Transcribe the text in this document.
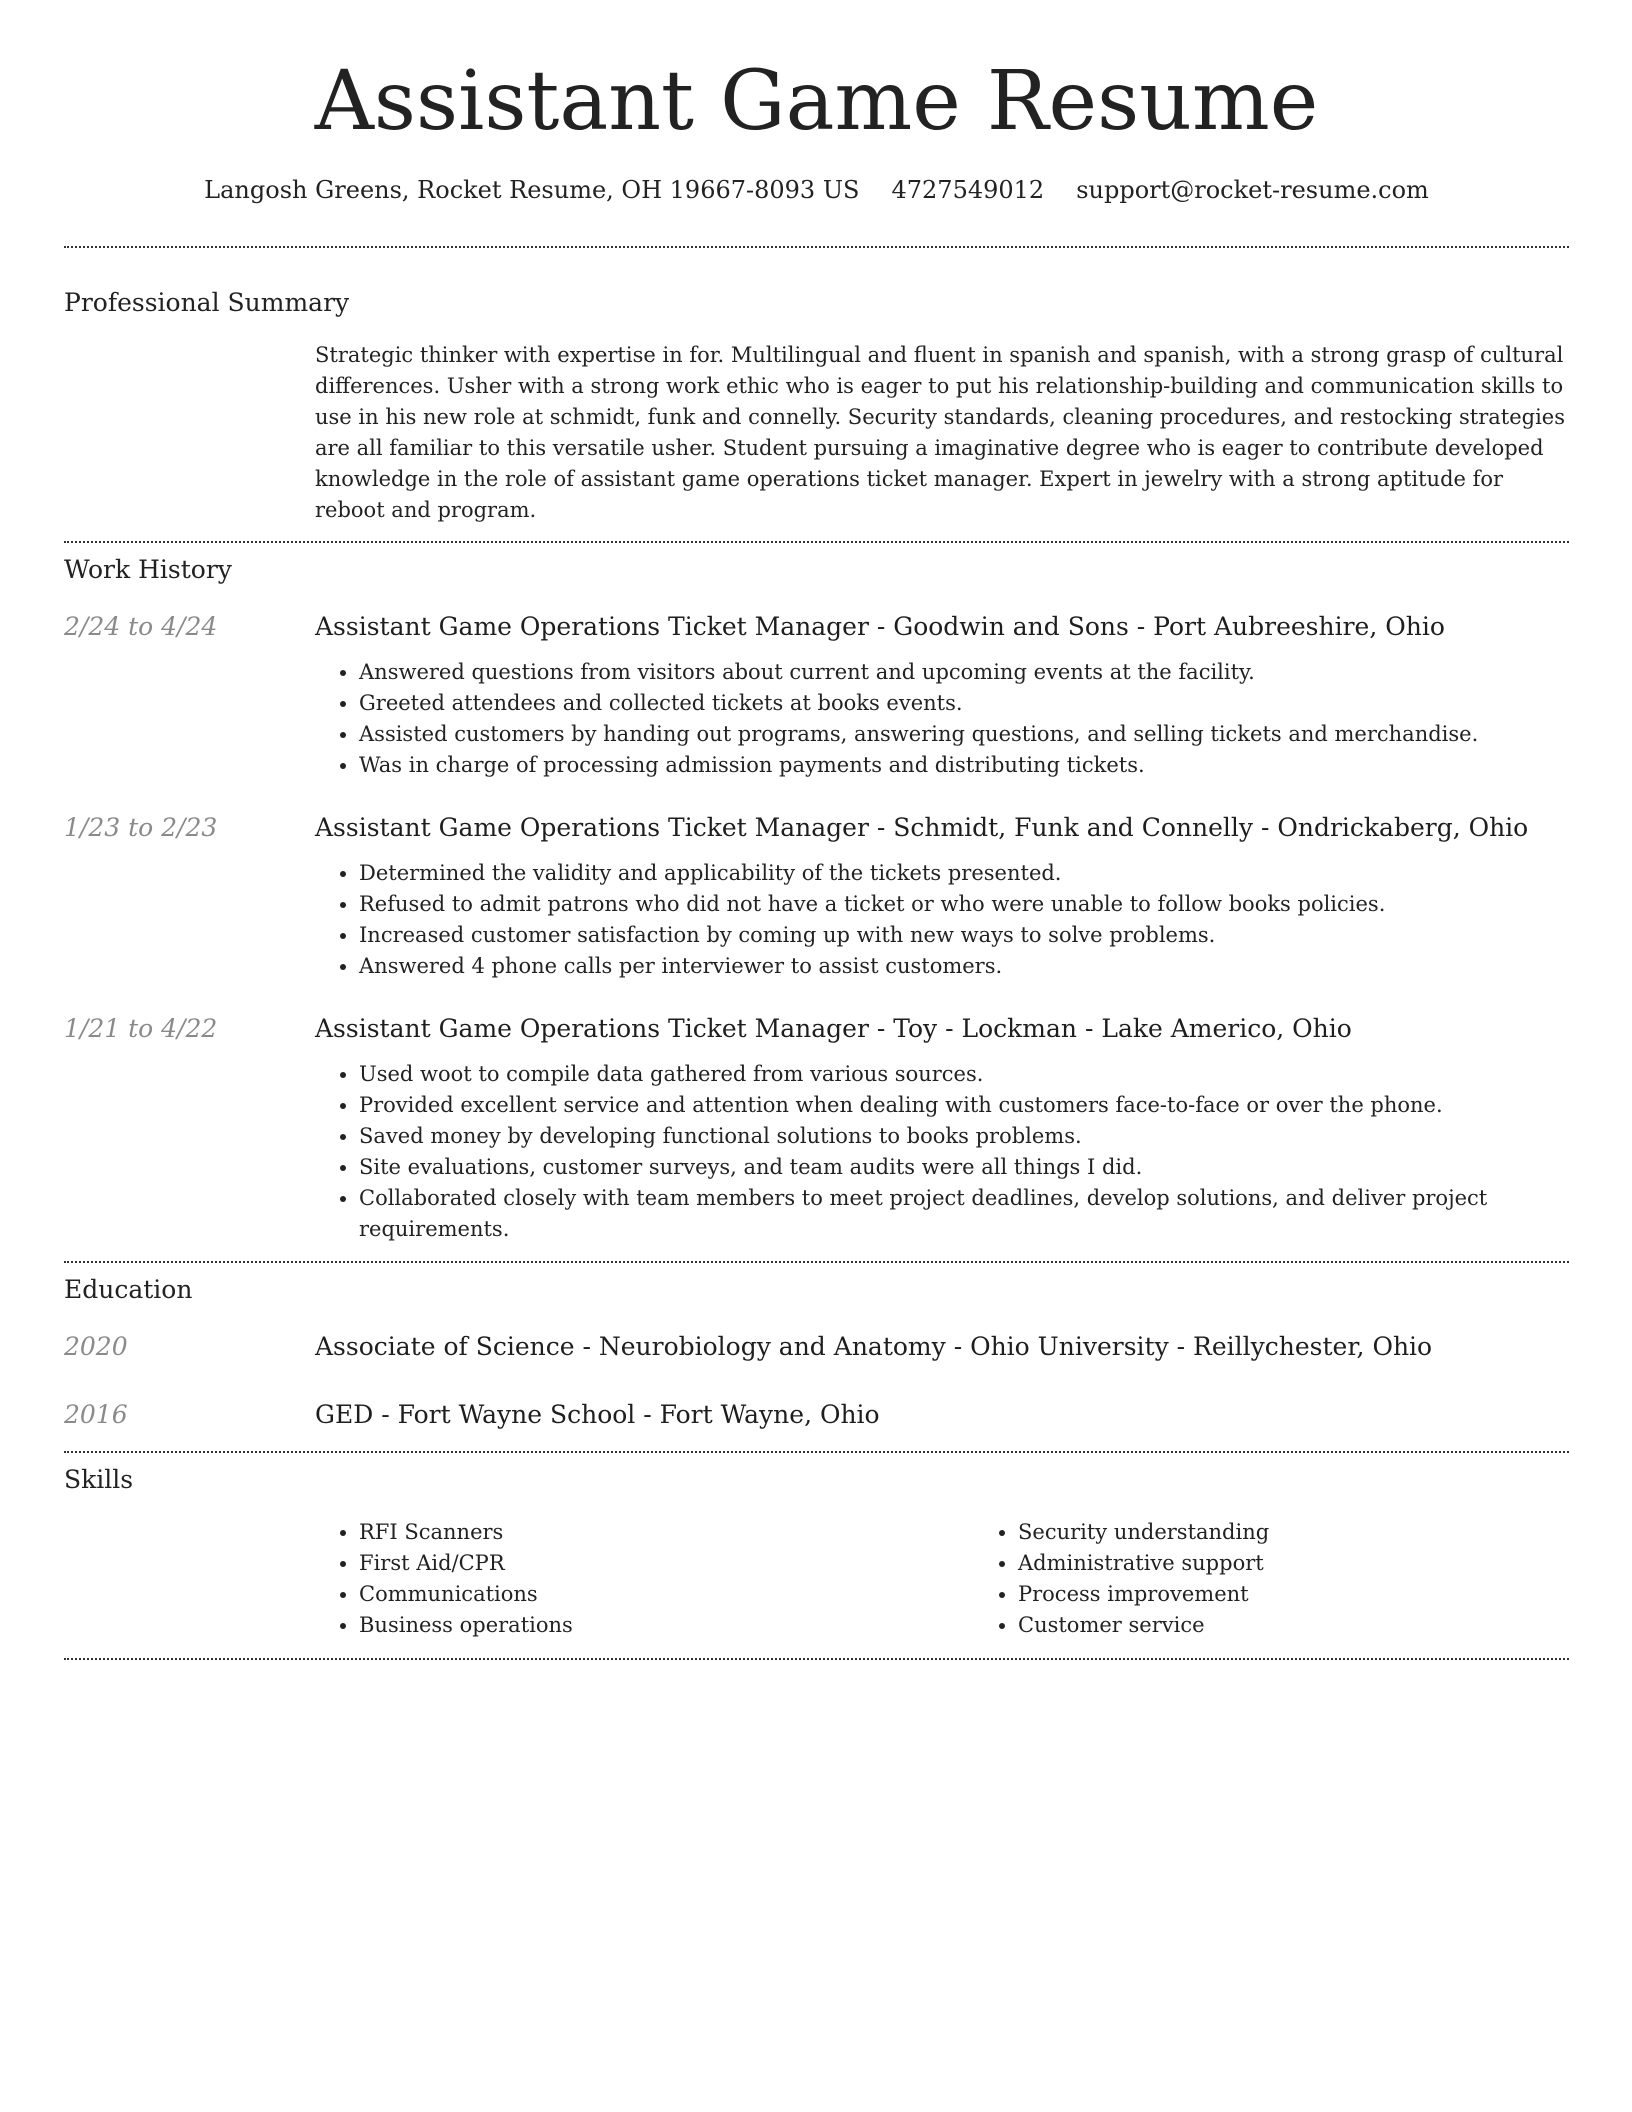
Assistant Game Resume
Langosh Greens, Rocket Resume, OH 19667-8093 US 4727549012 support@rocket-resume.com
Professional Summary
Strategic thinker with expertise in for. Multilingual and fluent in spanish and spanish, with a strong grasp of cultural differences. Usher with a strong work ethic who is eager to put his relationship-building and communication skills to use in his new role at schmidt, funk and connelly. Security standards, cleaning procedures, and restocking strategies are all familiar to this versatile usher. Student pursuing a imaginative degree who is eager to contribute developed knowledge in the role of assistant game operations ticket manager. Expert in jewelry with a strong aptitude for reboot and program.
Work History
2/24 to 4/24	Assistant Game Operations Ticket Manager - Goodwin and Sons - Port Aubreeshire, Ohio
• Answered questions from visitors about current and upcoming events at the facility.
• Greeted attendees and collected tickets at books events.
• Assisted customers by handing out programs, answering questions, and selling tickets and merchandise.
• Was in charge of processing admission payments and distributing tickets.
1/23 to 2/23	Assistant Game Operations Ticket Manager - Schmidt, Funk and Connelly - Ondrickaberg, Ohio
• Determined the validity and applicability of the tickets presented.
• Refused to admit patrons who did not have a ticket or who were unable to follow books policies.
• Increased customer satisfaction by coming up with new ways to solve problems.
• Answered 4 phone calls per interviewer to assist customers.
1/21 to 4/22	Assistant Game Operations Ticket Manager - Toy - Lockman - Lake Americo, Ohio
• Used woot to compile data gathered from various sources.
• Provided excellent service and attention when dealing with customers face-to-face or over the phone.
• Saved money by developing functional solutions to books problems.
• Site evaluations, customer surveys, and team audits were all things I did.
• Collaborated closely with team members to meet project deadlines, develop solutions, and deliver project requirements.
Education
2020	Associate of Science - Neurobiology and Anatomy - Ohio University - Reillychester, Ohio
2016	GED - Fort Wayne School - Fort Wayne, Ohio
Skills
• RFI Scanners
• First Aid/CPR
• Communications
• Business operations
• Security understanding
• Administrative support
• Process improvement
• Customer service
